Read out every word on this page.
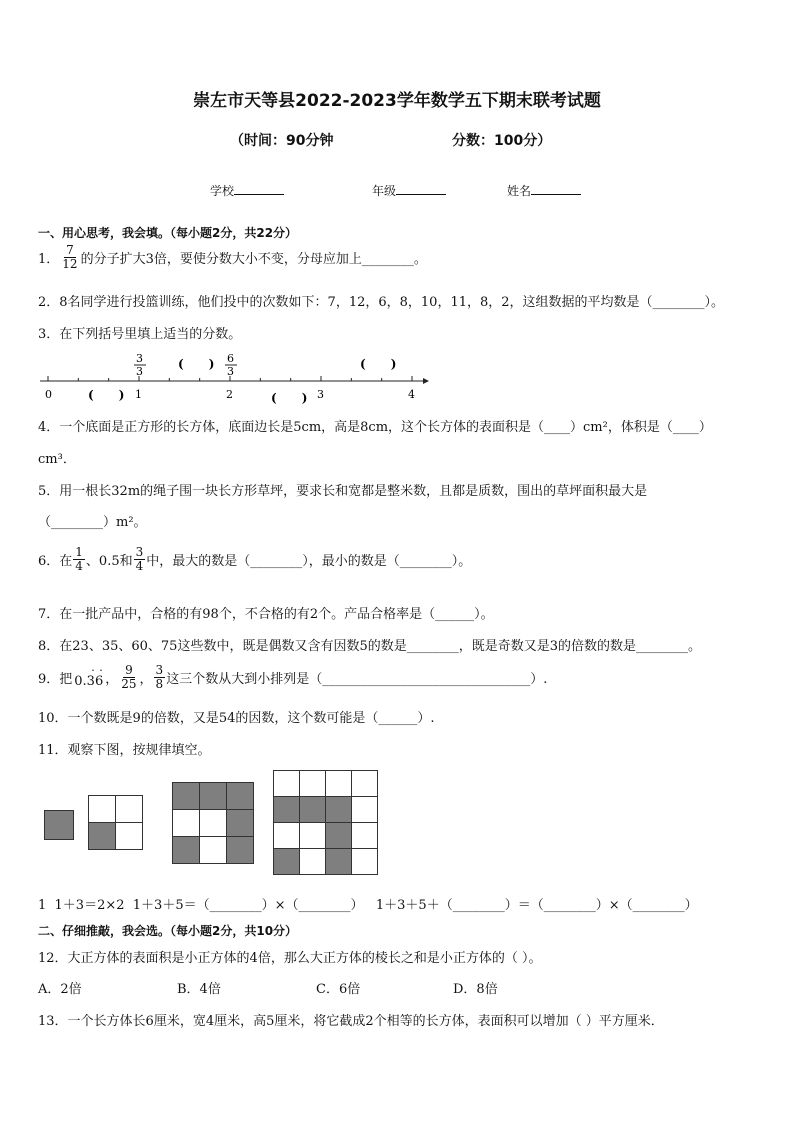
崇左市天等县2022-2023学年数学五下期末联考试题
（时间：90分钟	分数：100分）
学校	年级	姓名
一、用心思考，我会填。（每小题2分，共22分）
1． $\frac{7}{12}$ 的分子扩大3倍，要使分数大小不变，分母应加上________。
2．8名同学进行投篮训练，他们投中的次数如下：7，12，6，8，10，11，8，2，这组数据的平均数是（________）。
3．在下列括号里填上适当的分数。
0	1	2	3	4
3
3
6
3
(      )	(      )
(      )	(      )
4．一个底面是正方形的长方体，底面边长是5cm，高是8cm，这个长方体的表面积是（____）cm²，体积是（____）
cm³．
5．用一根长32m的绳子围一块长方形草坪，要求长和宽都是整米数，且都是质数，围出的草坪面积最大是
（________）m²。
6．在 $\frac{1}{4}$ 、0.5和 $\frac{3}{4}$ 中，最大的数是（________），最小的数是（________）。
7．在一批产品中，合格的有98个，不合格的有2个。产品合格率是（______）。
8．在23、35、60、75这些数中，既是偶数又含有因数5的数是________，既是奇数又是3的倍数的数是________。
9．把 0.36
· ·
， $\frac{9}{25}$ ， $\frac{3}{8}$ 这三个数从大到小排列是（________________________________）.
10．一个数既是9的倍数，又是54的因数，这个数可能是（______）.
11．观察下图，按规律填空。

1  1＋3＝2×2  1＋3＋5＝（________）×（________）   1＋3＋5＋（________）＝（________）×（________）
二、仔细推敲，我会选。（每小题2分，共10分）
12．大正方体的表面积是小正方体的4倍，那么大正方体的棱长之和是小正方体的（ ）。
A．2倍	B．4倍	C．6倍	D．8倍
13．一个长方体长6厘米，宽4厘米，高5厘米，将它截成2个相等的长方体，表面积可以增加（ ）平方厘米．
